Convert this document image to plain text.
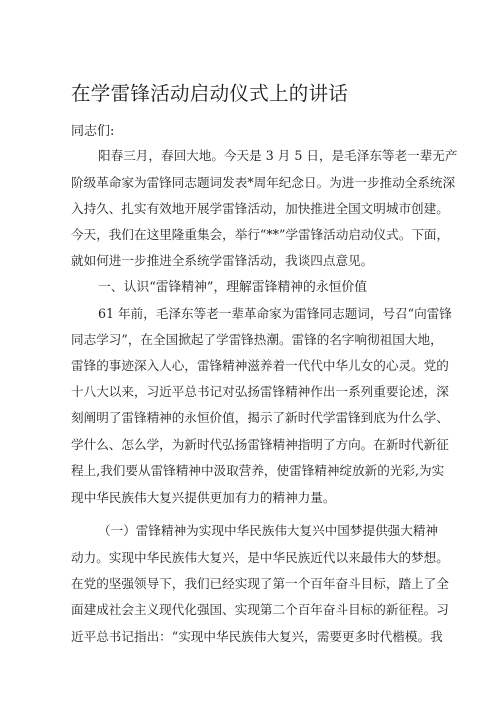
在学雷锋活动启动仪式上的讲话
同志们:
阳春三月，春回大地。今天是 3 月 5 日，是毛泽东等老一辈无产
阶级革命家为雷锋同志题词发表*周年纪念日。为进一步推动全系统深
入持久、扎实有效地开展学雷锋活动，加快推进全国文明城市创建。
今天，我们在这里隆重集会，举行“**”学雷锋活动启动仪式。下面，
就如何进一步推进全系统学雷锋活动，我谈四点意见。
一、认识“雷锋精神”，理解雷锋精神的永恒价值
61 年前，毛泽东等老一辈革命家为雷锋同志题词，号召“向雷锋
同志学习”，在全国掀起了学雷锋热潮。雷锋的名字响彻祖国大地，
雷锋的事迹深入人心，雷锋精神滋养着一代代中华儿女的心灵。党的
十八大以来，习近平总书记对弘扬雷锋精神作出一系列重要论述，深
刻阐明了雷锋精神的永恒价值，揭示了新时代学雷锋到底为什么学、
学什么、怎么学，为新时代弘扬雷锋精神指明了方向。在新时代新征
程上,我们要从雷锋精神中汲取营养，使雷锋精神绽放新的光彩,为实
现中华民族伟大复兴提供更加有力的精神力量。
（一）雷锋精神为实现中华民族伟大复兴中国梦提供强大精神
动力。实现中华民族伟大复兴，是中华民族近代以来最伟大的梦想。
在党的坚强领导下，我们已经实现了第一个百年奋斗目标，踏上了全
面建成社会主义现代化强国、实现第二个百年奋斗目标的新征程。习
近平总书记指出：“实现中华民族伟大复兴，需要更多时代楷模。我
